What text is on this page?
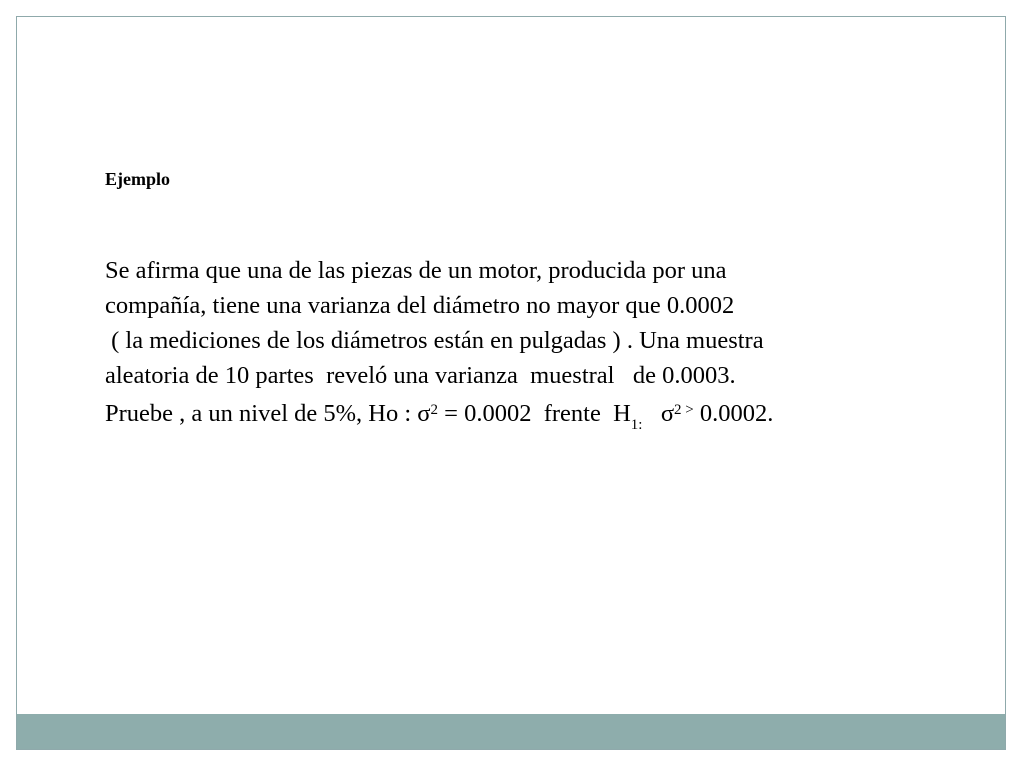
Ejemplo

Se afirma que una de las piezas de un motor, producida por una
compañía, tiene una varianza del diámetro no mayor que 0.0002
( la mediciones de los diámetros están en pulgadas ) . Una muestra
aleatoria de 10 partes  reveló una varianza  muestral   de 0.0003.
Pruebe , a un nivel de 5%, Ho : $\sigma^2 = 0.0002$  frente  $H_{1:}$   $\sigma^{2 >}$ 0.0002.
